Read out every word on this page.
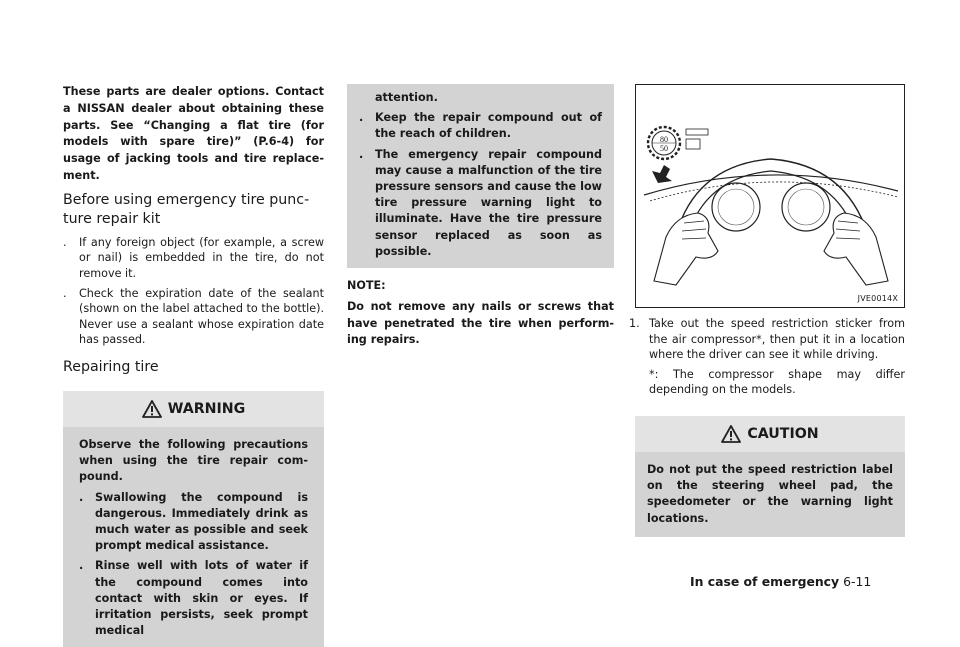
These parts are dealer options. Contact a NISSAN dealer about obtaining these parts. See “Changing a flat tire (for models with spare tire)” (P.6-4) for usage of jacking tools and tire replace-ment.

Before using emergency tire punc-ture repair kit
. If any foreign object (for example, a screw or nail) is embedded in the tire, do not remove it.
. Check the expiration date of the sealant (shown on the label attached to the bottle). Never use a sealant whose expiration date has passed.
Repairing tire
WARNING

Observe the following precautions when using the tire repair com-pound.

. Swallowing the compound is dangerous. Immediately drink as much water as possible and seek prompt medical assistance.
. Rinse well with lots of water if the compound comes into contact with skin or eyes. If irritation persists, seek prompt medical

attention.

. Keep the repair compound out of the reach of children.
. The emergency repair compound may cause a malfunction of the tire pressure sensors and cause the low tire pressure warning light to illuminate. Have the tire pressure sensor replaced as soon as possible.

NOTE:

Do not remove any nails or screws that have penetrated the tire when perform-ing repairs.

80
50
JVE0014X

1. Take out the speed restriction sticker from the air compressor*, then put it in a location where the driver can see it while driving.

*: The compressor shape may differ depending on the models.

CAUTION

Do not put the speed restriction label on the steering wheel pad, the speedometer or the warning light locations.

In case of emergency 6-11
